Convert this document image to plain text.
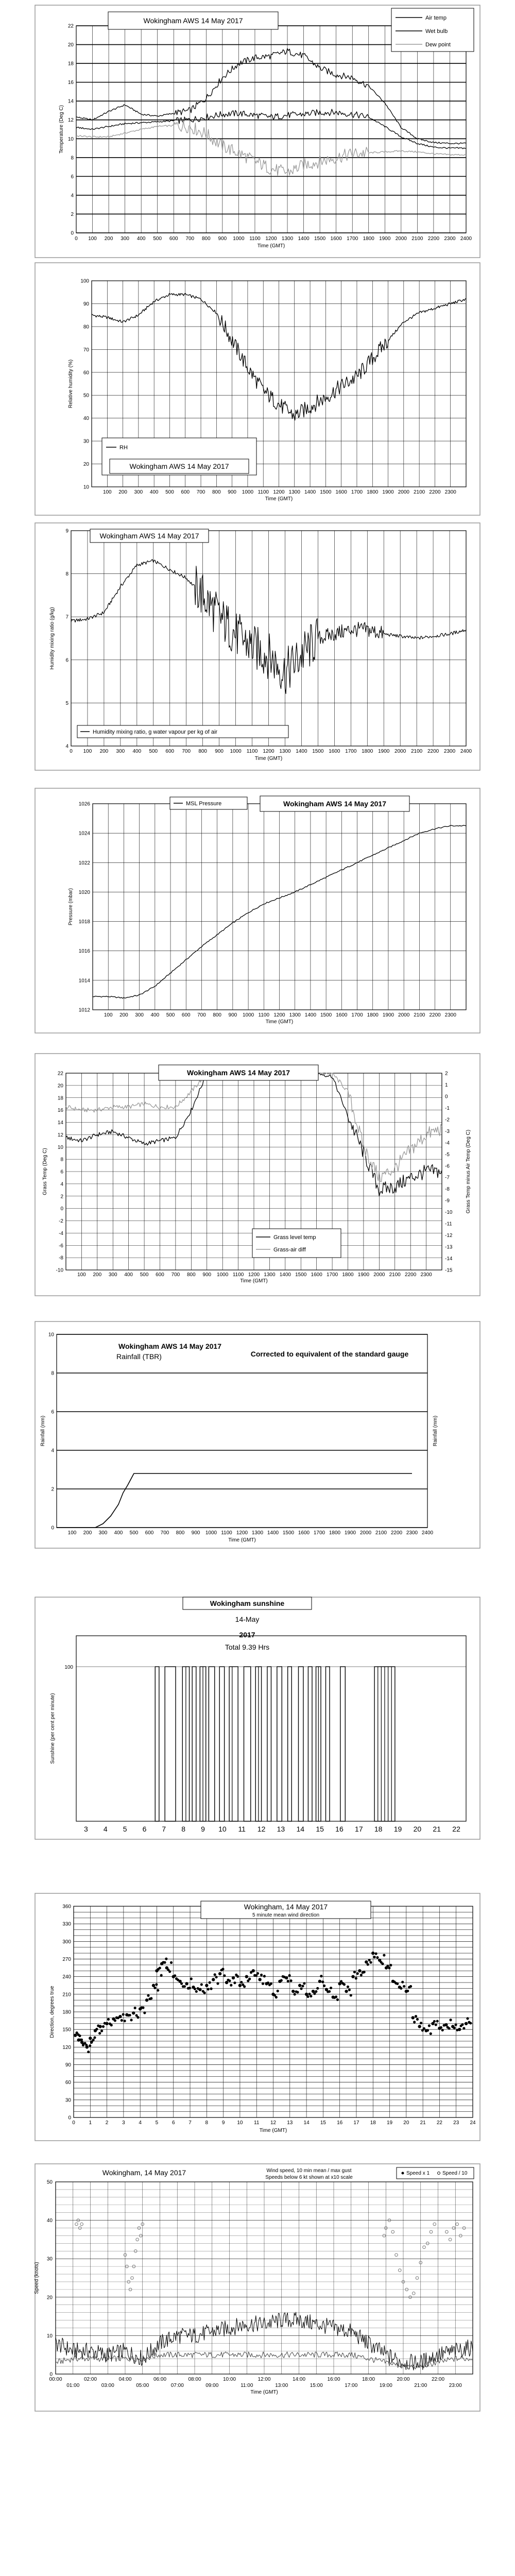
0
2
4
6
8
10
12
14
16
18
20
22
0 100 200 300 400 500 600 700 800 900 1000 1100 1200 1300 1400 1500 1600 1700 1800 1900 2000 2100 2200 2300 2400
Time (GMT)
Temperature (Deg C)
Wokingham AWS 14 May 2017	Air temp
Wet bulb
Dew point
10
20
30
40
50
60
70
80
90
100
100 200 300 400 500 600 700 800 900 1000 1100 1200 1300 1400 1500 1600 1700 1800 1900 2000 2100 2200 2300
Time (GMT)
Relative humidity (%)
RH
Wokingham AWS 14 May 2017
4
5
6
7
8
9
0 100 200 300 400 500 600 700 800 900 1000 1100 1200 1300 1400 1500 1600 1700 1800 1900 2000 2100 2200 2300 2400
Time (GMT)
Humidity mixing ratio (g/kg)
Wokingham AWS 14 May 2017
Humidity mixing ratio, g water vapour per kg of air
1012
1014
1016
1018
1020
1022
1024
1026
100 200 300 400 500 600 700 800 900 1000 1100 1200 1300 1400 1500 1600 1700 1800 1900 2000 2100 2200 2300
Time (GMT)
Pressure (mbar)
MSL Pressure	Wokingham AWS 14 May 2017
-10
-8
-6
-4
-2
0
2
4
6
8
10
12
14
16
18
20
22
-15
-14
-13
-12
-11
-10
-9
-8
-7
-6
-5
-4
-3
-2
-1
0
1
2
100 200 300 400 500 600 700 800 900 1000 1100 1200 1300 1400 1500 1600 1700 1800 1900 2000 2100 2200 2300
Time (GMT)
Grass Temp (Deg C)	Grass Temp minus Air Temp (Deg C)
Wokingham AWS 14 May 2017
Grass level temp
Grass-air diff
0
2
4
6
8
10
100 200 300 400 500 600 700 800 900 1000 1100 1200 1300 1400 1500 1600 1700 1800 1900 2000 2100 2200 2300 2400
Time (GMT)
Rainfall (mm)	Rainfall (mm)
Wokingham AWS 14 May 2017
Rainfall (TBR)	Corrected to equivalent of the standard gauge
100
3 4 5 6 7 8 9 10 11 12 13 14 15 16 17 18 19 20 21 22
Sunshine (per cent per minute)
Wokingham sunshine
14-May
2017
Total 9.39 Hrs
0
30
60
90
120
150
180
210
240
270
300
330
360
0	1	2	3	4	5	6	7	8	9 10 11 12 13 14 15 16 17 18 19 20 21 22 23 24
Time (GMT)
Direction, degrees true
Wokingham, 14 May 2017
5 minute mean wind direction
0
10
20
30
40
50
00:00	02:00	04:00	06:00	08:00	10:00	12:00	14:00	16:00	18:00	20:00	22:00
01:00	03:00	05:00	07:00	09:00	11:00	13:00	15:00	17:00	19:00	21:00	23:00
Time (GMT)
Speed (knots)
Wokingham, 14 May 2017	Wind speed, 10 min mean / max gust
Speeds below 6 kt shown at x10 scale
Speed x 1 Speed / 10
